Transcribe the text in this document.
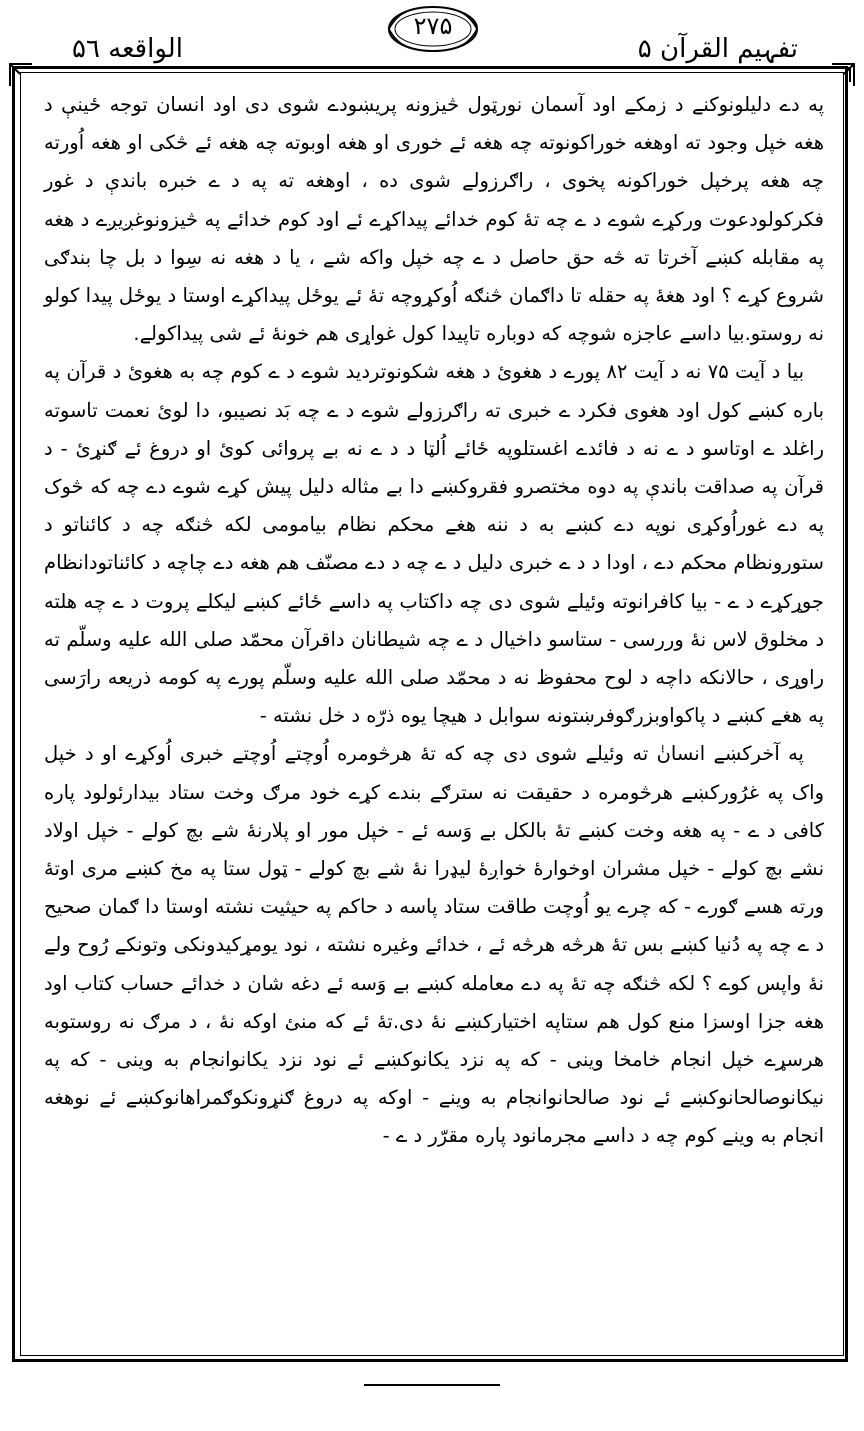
تفہیم القرآن ۵
۲۷۵
الواقعه ۵٦

په دے دلیلونوکنے د زمکے اود آسمان نورټول څیزونه پریښودے شوی دی اود انسان توجه ځینې د هغه خپل وجود ته اوهغه خوراکونوته چه هغه ئے خوری او هغه اوبوته چه هغه ئے څکی او هغه اُورته چه هغه پرخپل خوراکونه پخوی ، راګرزولے شوی ده ، اوهغه ته په د ے خبره باندې د غور فکرکولودعوت ورکړے شوے د ے چه تهٔ کوم خدائے پیداکړے ئے اود کوم خدائے په څیزونوغږیږے د هغه په مقابله کښے آخرتا ته څه حق حاصل د ے چه خپل واکه شے ، یا د هغه نه سِوا د بل چا بندګی شروع کړے ؟ اود هغهٔ په حقله تا داګمان څنګه اُوکړوچه تهٔ ئے یوځل پیداکړے اوستا د یوځل پیدا کولو نه روستو.بیا داسے عاجزه شوچه که دوباره تاپیدا کول غواړی هم خونهٔ ئے شی پیداکولے.

بیا د آیت ۷۵ نه د آیت ۸۲ پورے د هغوئ د هغه شکونوتردید شوے د ے کوم چه به هغوئ د قرآن په باره کښے کول اود هغوی فکرد ے خبری ته راګرزولے شوے د ے چه بَد نصیبو، دا لوئ نعمت تاسوته راغلد ے اوتاسو د ے نه د فائدے اغستلوپه ځائے اُلټا د د ے نه بے پروائی کوئ او دروغ ئے ګنړئ - د قرآن په صداقت باندې په دوه مختصرو فقروکښے دا بے مثاله دلیل پیش کړے شوے دے چه که څوک په دے غوراُوکړی نوپه دے کښے به د ننه هغے محکم نظام بیامومی لکه څنګه چه د کائناتو د ستورونظام محکم دے ، اودا د د ے خبری دلیل د ے چه د دے مصنّف هم هغه دے چاچه د کائناتودانظام جوړکړے د ے - بیا کافرانوته وئیلے شوی دی چه داکتاب په داسے ځائے کښے لیکلے پروت د ے چه هلته د مخلوق لاس نهٔ وررسی - ستاسو داخیال د ے چه شیطانان داقرآن محمّد صلی الله علیه وسلّم ته راوړی ، حالانکه داچه د لوح محفوظ نه د محمّد صلی الله علیه وسلّم پورے په کومه ذریعه رارَسی په هغے کښے د پاکواوبزرګوفرښتونه سوابل د هیچا یوه ذرّه د خل نشته -

په آخرکښے انسانٰ ته وئیلے شوی دی چه که تهٔ هرڅومره اُوچتے اُوچتے خبری اُوکړے او د خپل واک په غرُورکښے هرڅومره د حقیقت نه سترګے بندے کړے خود مرګ وخت ستاد بیدارئولود پاره کافی د ے - په هغه وخت کښے تهٔ بالکل بے وَسه ئے - خپل مور او پلارنهٔ شے بچ کولے - خپل اولاد نشے بچ کولے - خپل مشران اوخوارهٔ خواږهٔ لیډرا نهٔ شے بچ کولے - ټول ستا په مخ کښے مری اوتهٔ ورته هسے ګورے - که چرے یو اُوچت طاقت ستاد پاسه د حاکم په حیثیت نشته اوستا دا ګمان صحیح د ے چه په دُنیا کښے بس تهٔ هرڅه هرڅه ئے ، خدائے وغیره نشته ، نود یومړکیدونکی وتونکے رُوح ولے نهٔ واپس کوے ؟ لکه څنګه چه تهٔ په دے معامله کښے بے وَسه ئے دغه شان د خدائے حساب کتاب اود هغه جزا اوسزا منع کول هم ستاپه اختیارکښے نهٔ دی.تهٔ ئے که منئ اوکه نهٔ ، د مرګ نه روستوبه هرسړے خپل انجام خامخا وینی - که په نزد یکانوکښے ئے نود نزد یکانوانجام به وینی - که په نیکانوصالحانوکښے ئے نود صالحانوانجام به وینے - اوکه په دروغ ګنړونکوګمراهانوکښے ئے نوهغه انجام به وینے کوم چه د داسے مجرمانود پاره مقرّر د ے -
